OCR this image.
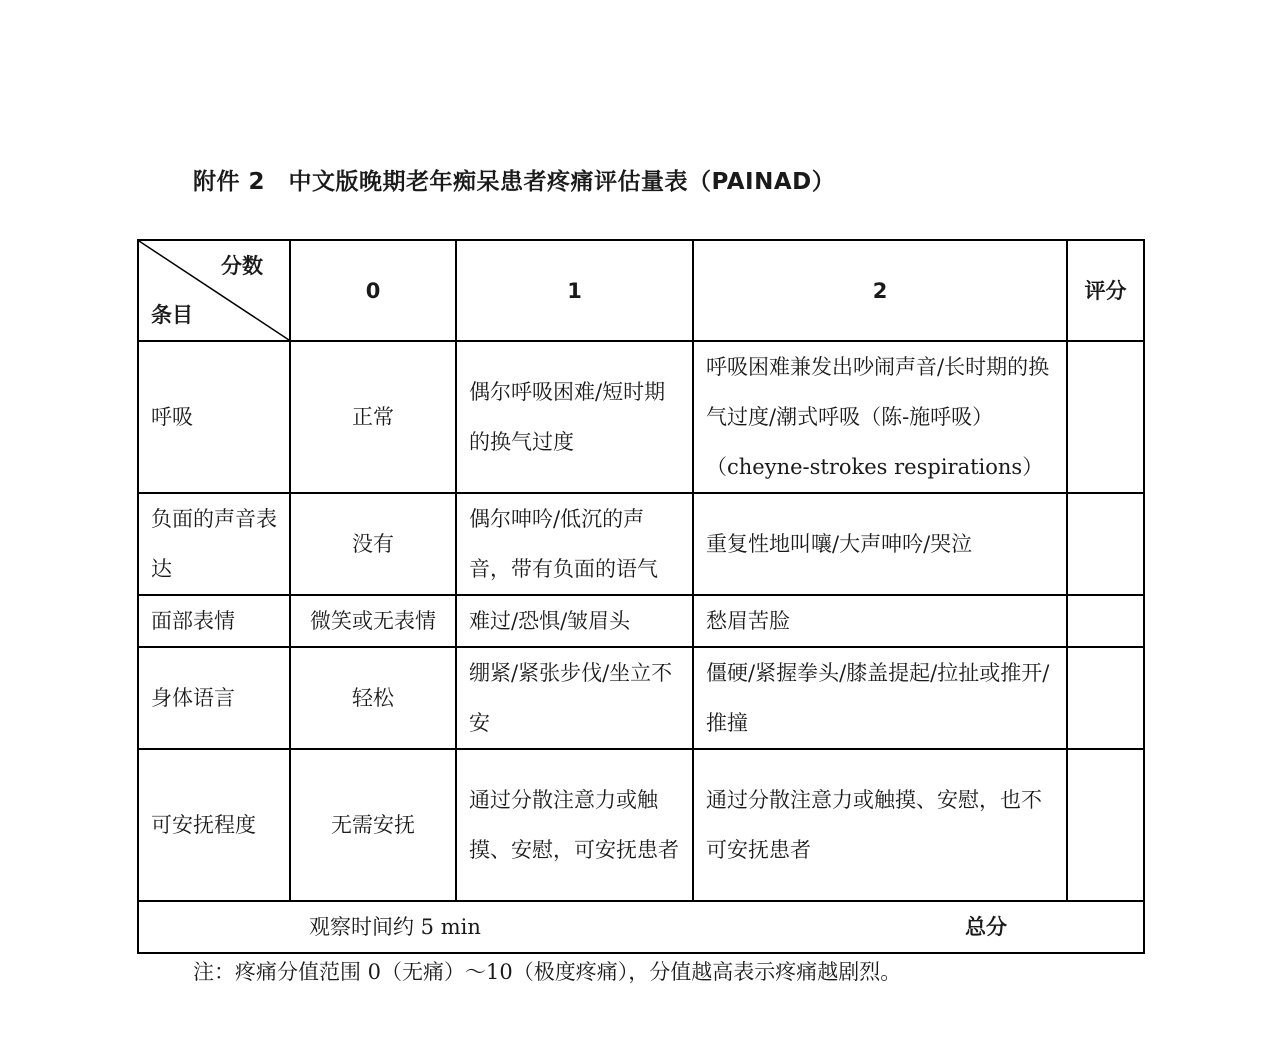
附件 2　中文版晚期老年痴呆患者疼痛评估量表（PAINAD）
分数
条目	0	1	2	评分
呼吸	正常	偶尔呼吸困难/短时期的换气过度	呼吸困难兼发出吵闹声音/长时期的换气过度/潮式呼吸（陈-施呼吸）（cheyne-strokes respirations）	
负面的声音表达	没有	偶尔呻吟/低沉的声音，带有负面的语气	重复性地叫嚷/大声呻吟/哭泣	
面部表情	微笑或无表情	难过/恐惧/皱眉头	愁眉苦脸	
身体语言	轻松	绷紧/紧张步伐/坐立不安	僵硬/紧握拳头/膝盖提起/拉扯或推开/推撞	
可安抚程度	无需安抚	通过分散注意力或触摸、安慰，可安抚患者	通过分散注意力或触摸、安慰，也不可安抚患者	
观察时间约 5 min 总分				
注：疼痛分值范围 0（无痛）～10（极度疼痛），分值越高表示疼痛越剧烈。
